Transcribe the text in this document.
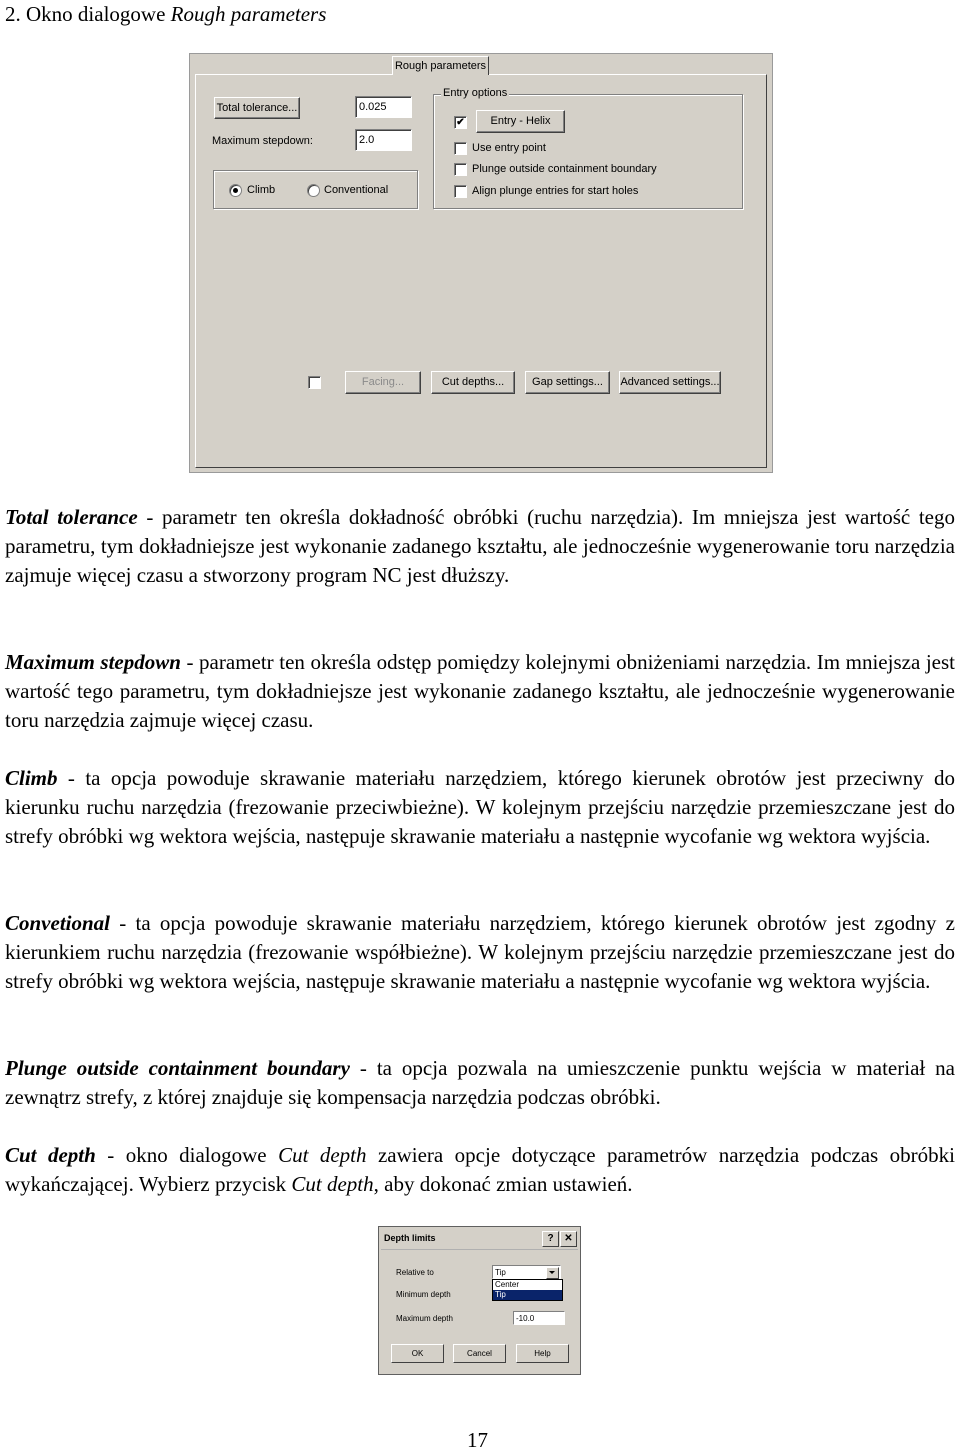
2. Okno dialogowe Rough parameters
Rough parameters
Total tolerance...	0.025
Maximum stepdown:	2.0
Climb	Conventional
Entry options
✔	Entry - Helix
Use entry point
Plunge outside containment boundary
Align plunge entries for start holes
Facing...	Cut depths...	Gap settings...	Advanced settings...

Total tolerance - parametr ten określa dokładność obróbki (ruchu narzędzia). Im mniejsza jest wartość tego parametru, tym dokładniejsze jest wykonanie zadanego kształtu, ale jednocześnie wygenerowanie toru narzędzia zajmuje więcej czasu a stworzony program NC jest dłuższy.

Maximum stepdown - parametr ten określa odstęp pomiędzy kolejnymi obniżeniami narzędzia. Im mniejsza jest wartość tego parametru, tym dokładniejsze jest wykonanie zadanego kształtu, ale jednocześnie wygenerowanie toru narzędzia zajmuje więcej czasu.

Climb - ta opcja powoduje skrawanie materiału narzędziem, którego kierunek obrotów jest przeciwny do kierunku ruchu narzędzia (frezowanie przeciwbieżne). W kolejnym przejściu narzędzie przemieszczane jest do strefy obróbki wg wektora wejścia, następuje skrawanie materiału a następnie wycofanie wg wektora wyjścia.

Convetional - ta opcja powoduje skrawanie materiału narzędziem, którego kierunek obrotów jest zgodny z kierunkiem ruchu narzędzia (frezowanie współbieżne). W kolejnym przejściu narzędzie przemieszczane jest do strefy obróbki wg wektora wejścia, następuje skrawanie materiału a następnie wycofanie wg wektora wyjścia.

Plunge outside containment boundary - ta opcja pozwala na umieszczenie punktu wejścia w materiał na zewnątrz strefy, z której znajduje się kompensacja narzędzia podczas obróbki.

Cut depth - okno dialogowe Cut depth zawiera opcje dotyczące parametrów narzędzia podczas obróbki wykańczającej. Wybierz przycisk Cut depth, aby dokonać zmian ustawień.

Depth limits	?	✕
Relative to	Tip
Center
Tip
Minimum depth
Maximum depth	-10.0
OK	Cancel	Help
17
